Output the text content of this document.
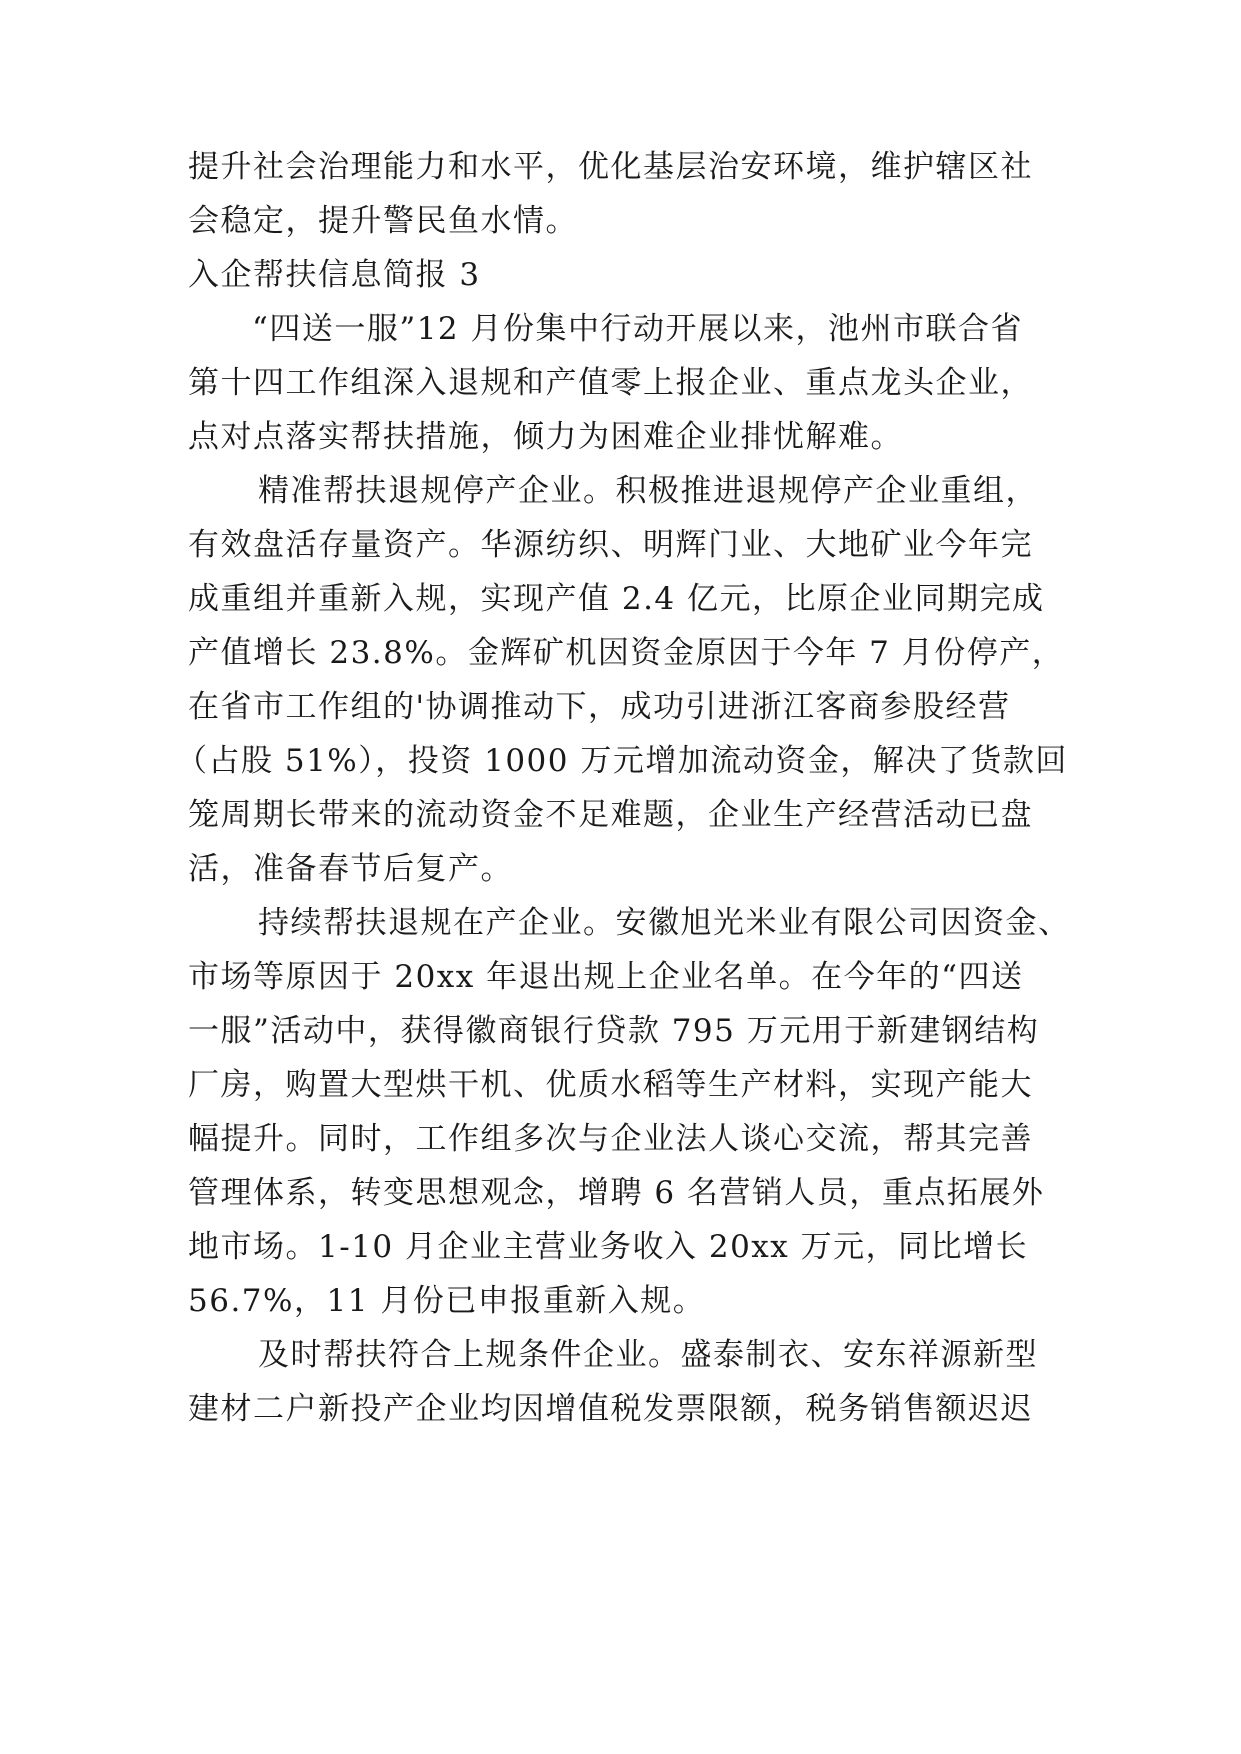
提升社会治理能力和水平，优化基层治安环境，维护辖区社
会稳定，提升警民鱼水情。
入企帮扶信息简报 3
“四送一服”12 月份集中行动开展以来，池州市联合省
第十四工作组深入退规和产值零上报企业、重点龙头企业，
点对点落实帮扶措施，倾力为困难企业排忧解难。
精准帮扶退规停产企业。积极推进退规停产企业重组，
有效盘活存量资产。华源纺织、明辉门业、大地矿业今年完
成重组并重新入规，实现产值 2.4 亿元，比原企业同期完成
产值增长 23.8%。金辉矿机因资金原因于今年 7 月份停产，
在省市工作组的'协调推动下，成功引进浙江客商参股经营
（占股 51%），投资 1000 万元增加流动资金，解决了货款回
笼周期长带来的流动资金不足难题，企业生产经营活动已盘
活，准备春节后复产。
持续帮扶退规在产企业。安徽旭光米业有限公司因资金、
市场等原因于 20xx 年退出规上企业名单。在今年的“四送
一服”活动中，获得徽商银行贷款 795 万元用于新建钢结构
厂房，购置大型烘干机、优质水稻等生产材料，实现产能大
幅提升。同时，工作组多次与企业法人谈心交流，帮其完善
管理体系，转变思想观念，增聘 6 名营销人员，重点拓展外
地市场。1-10 月企业主营业务收入 20xx 万元，同比增长
56.7%，11 月份已申报重新入规。
及时帮扶符合上规条件企业。盛泰制衣、安东祥源新型
建材二户新投产企业均因增值税发票限额，税务销售额迟迟
